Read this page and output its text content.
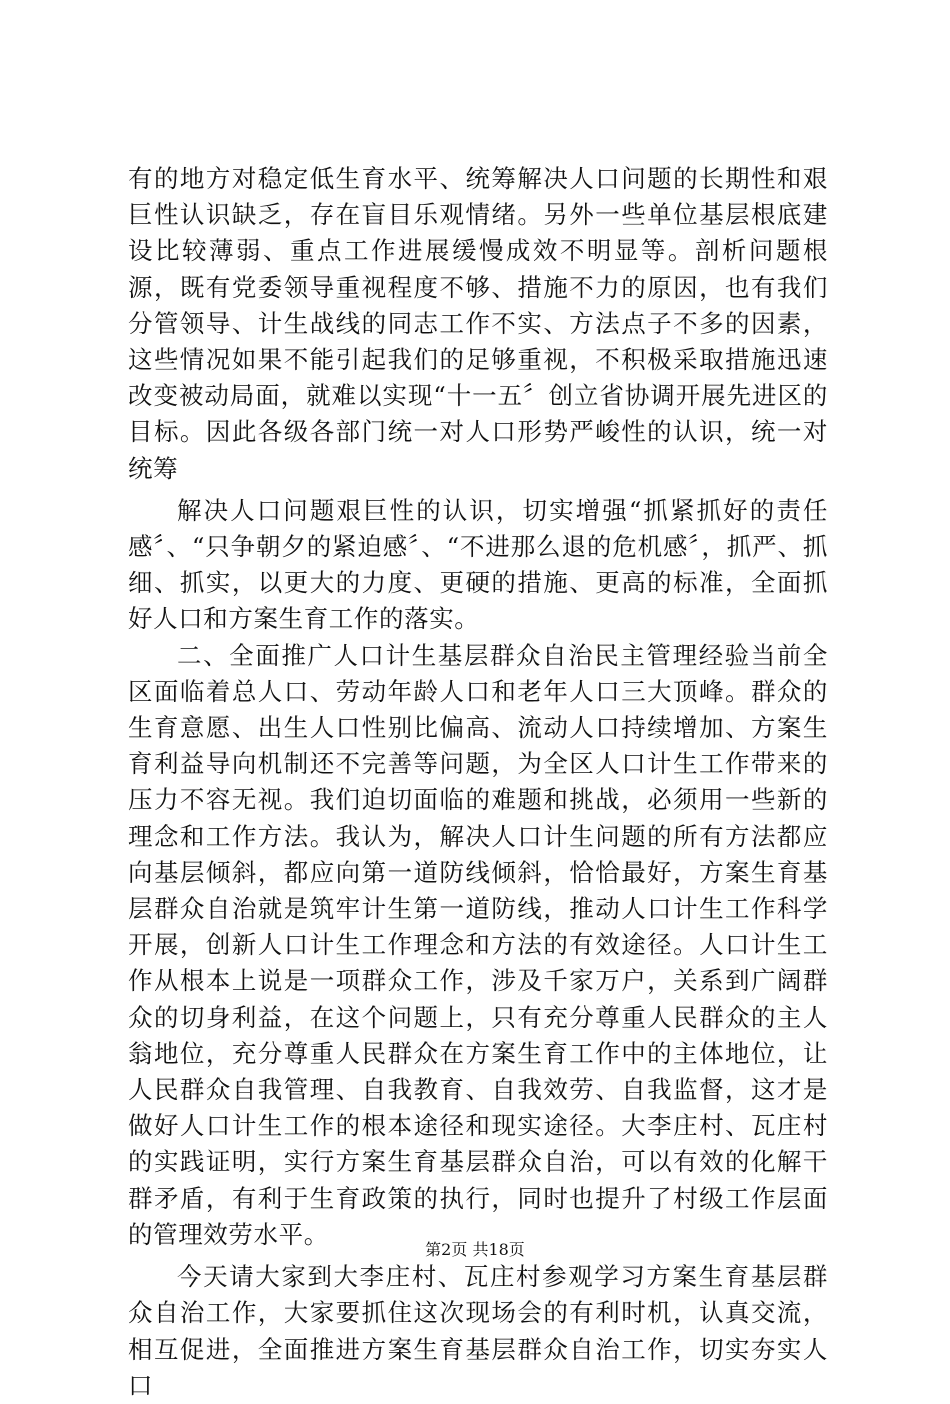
有的地方对稳定低生育水平、统筹解决人口问题的长期性和艰巨性认识缺乏，存在盲目乐观情绪。另外一些单位基层根底建设比较薄弱、重点工作进展缓慢成效不明显等。剖析问题根源，既有党委领导重视程度不够、措施不力的原因，也有我们分管领导、计生战线的同志工作不实、方法点子不多的因素，这些情况如果不能引起我们的足够重视，不积极采取措施迅速改变被动局面，就难以实现“十一五〞创立省协调开展先进区的目标。因此各级各部门统一对人口形势严峻性的认识，统一对统筹

解决人口问题艰巨性的认识，切实增强“抓紧抓好的责任感〞、“只争朝夕的紧迫感〞、“不进那么退的危机感〞，抓严、抓细、抓实，以更大的力度、更硬的措施、更高的标准，全面抓好人口和方案生育工作的落实。

二、全面推广人口计生基层群众自治民主管理经验当前全区面临着总人口、劳动年龄人口和老年人口三大顶峰。群众的生育意愿、出生人口性别比偏高、流动人口持续增加、方案生育利益导向机制还不完善等问题，为全区人口计生工作带来的压力不容无视。我们迫切面临的难题和挑战，必须用一些新的理念和工作方法。我认为，解决人口计生问题的所有方法都应向基层倾斜，都应向第一道防线倾斜，恰恰最好，方案生育基层群众自治就是筑牢计生第一道防线，推动人口计生工作科学开展，创新人口计生工作理念和方法的有效途径。人口计生工作从根本上说是一项群众工作，涉及千家万户，关系到广阔群众的切身利益，在这个问题上，只有充分尊重人民群众的主人翁地位，充分尊重人民群众在方案生育工作中的主体地位，让人民群众自我管理、自我教育、自我效劳、自我监督，这才是做好人口计生工作的根本途径和现实途径。大李庄村、瓦庄村的实践证明，实行方案生育基层群众自治，可以有效的化解干群矛盾，有利于生育政策的执行，同时也提升了村级工作层面的管理效劳水平。

今天请大家到大李庄村、瓦庄村参观学习方案生育基层群众自治工作，大家要抓住这次现场会的有利时机，认真交流，相互促进，全面推进方案生育基层群众自治工作，切实夯实人口

第2页 共18页
